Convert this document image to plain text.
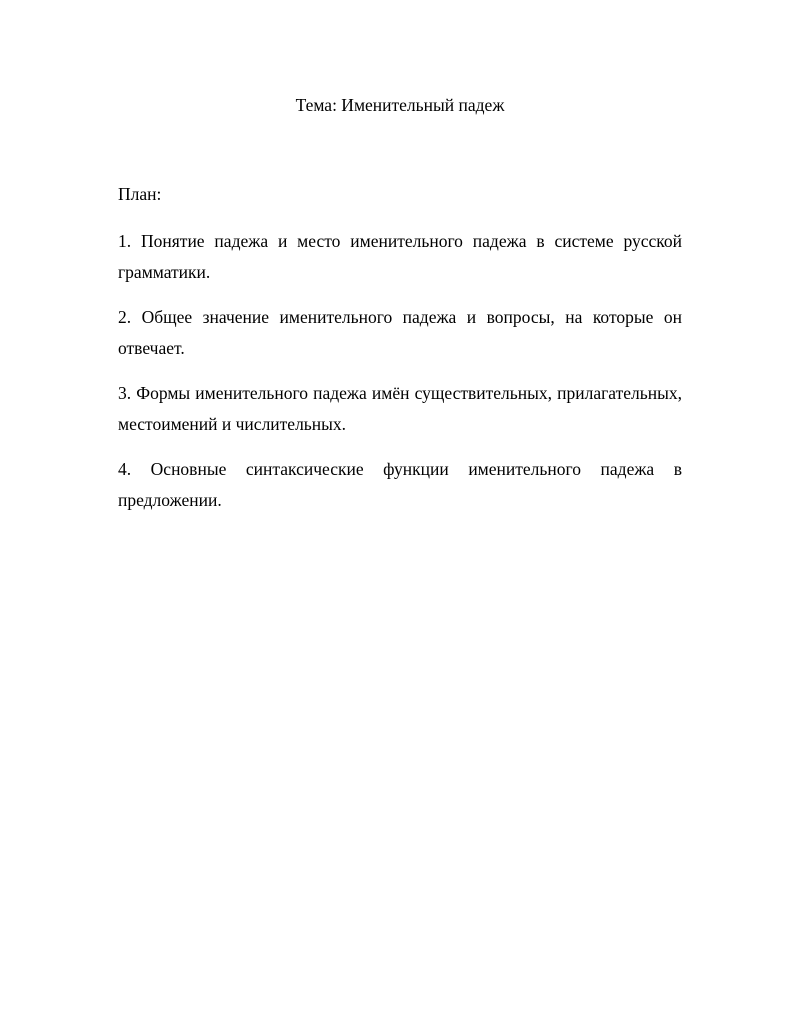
Тема: Именительный падеж

План:

1. Понятие падежа и место именительного падежа в системе русской грамматики.
2. Общее значение именительного падежа и вопросы, на которые он отвечает.
3. Формы именительного падежа имён существительных, прилагательных, местоимений и числительных.
4. Основные синтаксические функции именительного падежа в предложении.
